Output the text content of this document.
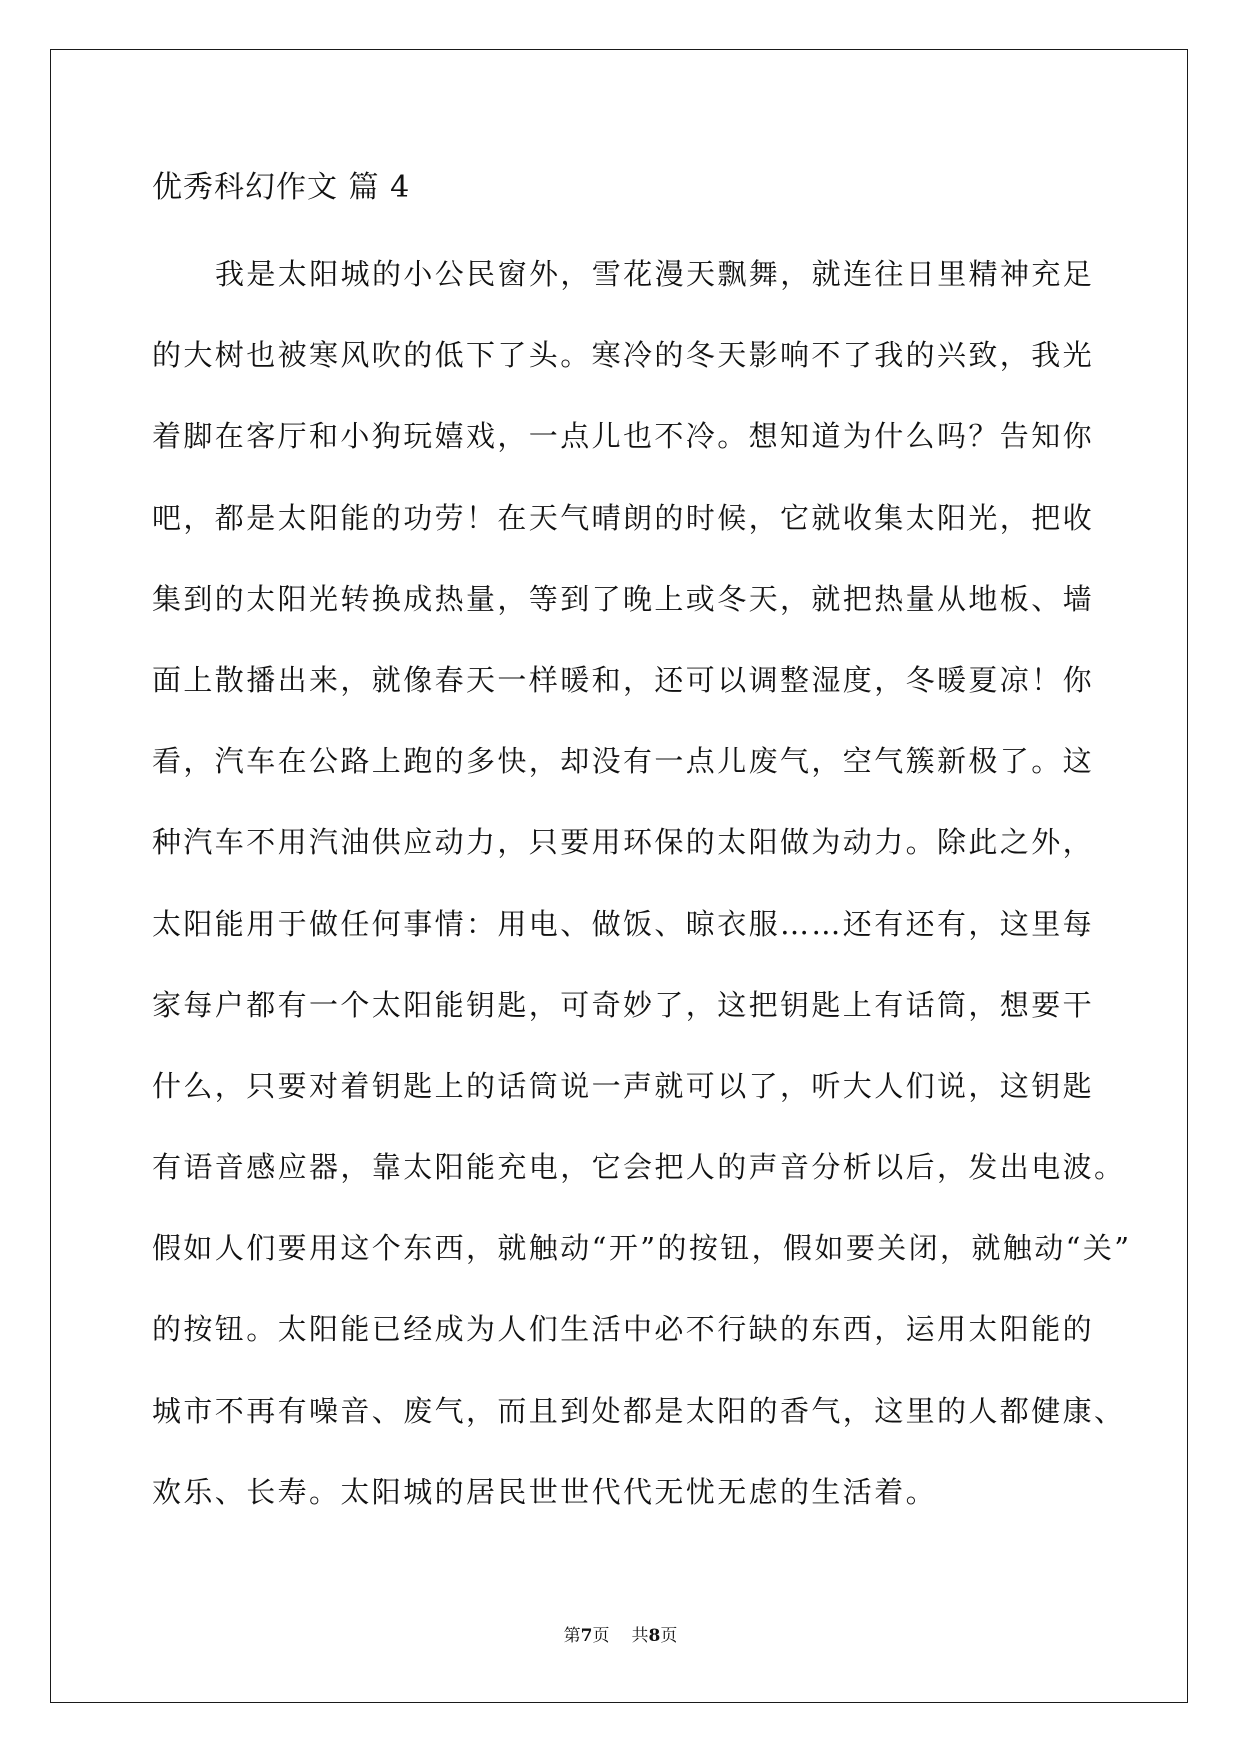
优秀科幻作文 篇 4
我是太阳城的小公民窗外，雪花漫天飘舞，就连往日里精神充足
的大树也被寒风吹的低下了头。寒冷的冬天影响不了我的兴致，我光
着脚在客厅和小狗玩嬉戏，一点儿也不冷。想知道为什么吗？告知你
吧，都是太阳能的功劳！在天气晴朗的时候，它就收集太阳光，把收
集到的太阳光转换成热量，等到了晚上或冬天，就把热量从地板、墙
面上散播出来，就像春天一样暖和，还可以调整湿度，冬暖夏凉！你
看，汽车在公路上跑的多快，却没有一点儿废气，空气簇新极了。这
种汽车不用汽油供应动力，只要用环保的太阳做为动力。除此之外，
太阳能用于做任何事情：用电、做饭、晾衣服……还有还有，这里每
家每户都有一个太阳能钥匙，可奇妙了，这把钥匙上有话筒，想要干
什么，只要对着钥匙上的话筒说一声就可以了，听大人们说，这钥匙
有语音感应器，靠太阳能充电，它会把人的声音分析以后，发出电波。
假如人们要用这个东西，就触动“开”的按钮，假如要关闭，就触动“关”
的按钮。太阳能已经成为人们生活中必不行缺的东西，运用太阳能的
城市不再有噪音、废气，而且到处都是太阳的香气，这里的人都健康、
欢乐、长寿。太阳城的居民世世代代无忧无虑的生活着。
第7页 共8页
